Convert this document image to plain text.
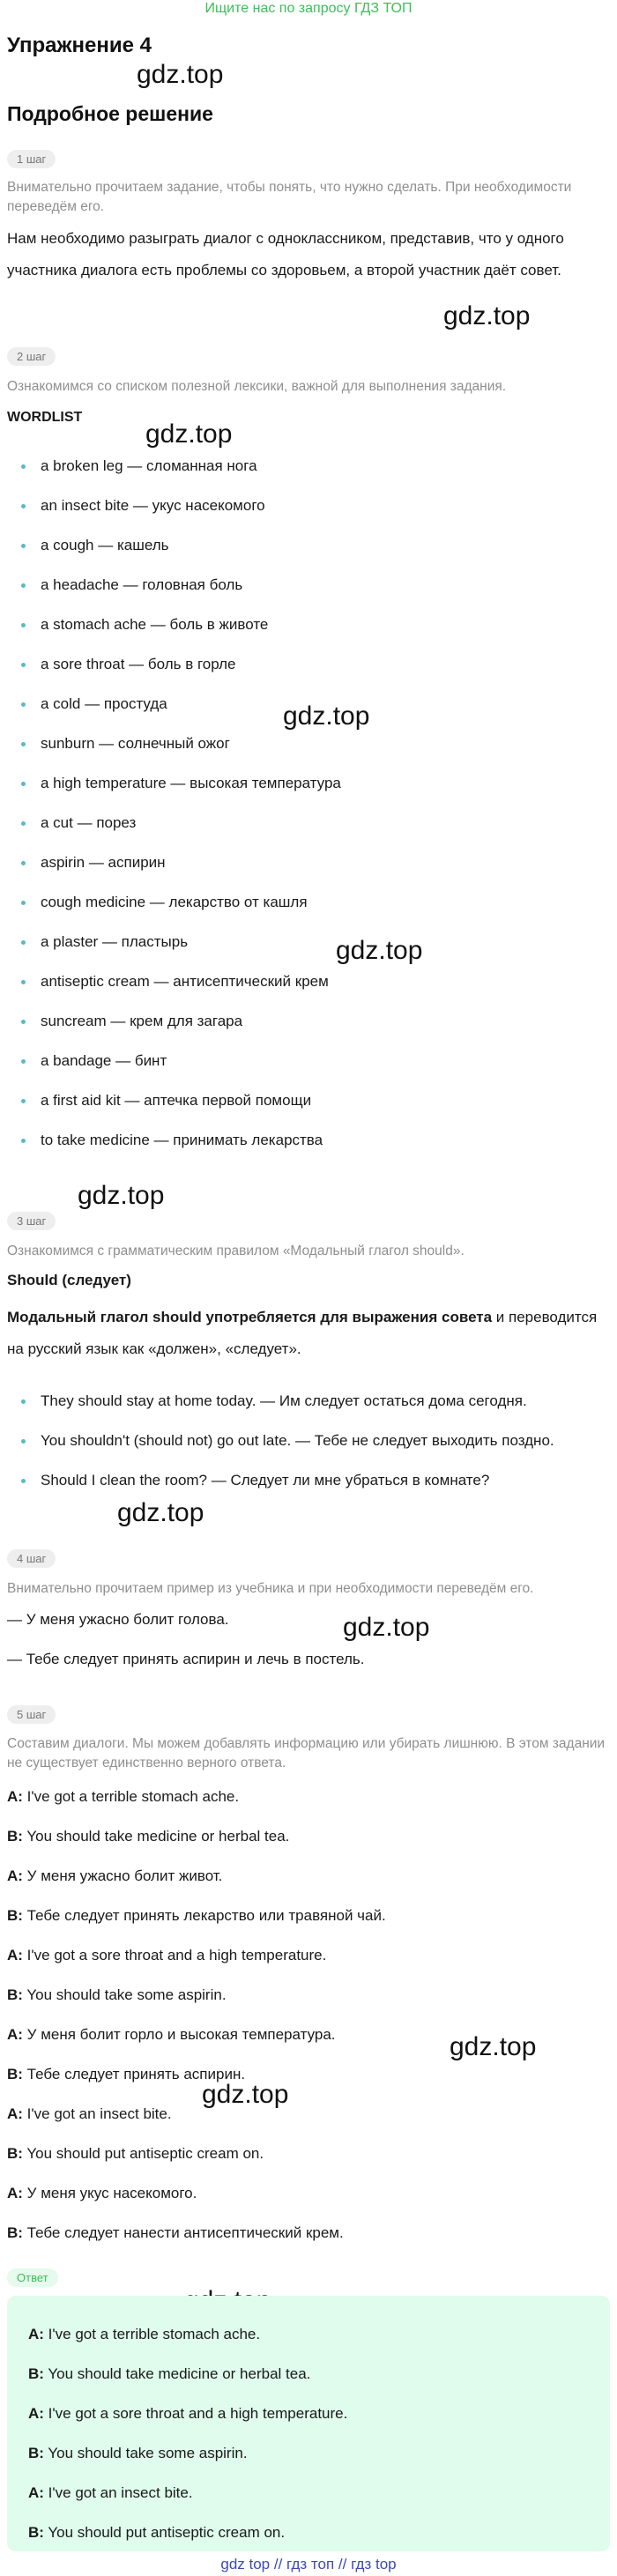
Ищите нас по запросу ГДЗ ТОП
Упражнение 4
Подробное решение
gdz.top
gdz.top
gdz.top
gdz.top
gdz.top
gdz.top
gdz.top
gdz.top
gdz.top
gdz.top
1 шаг
Внимательно прочитаем задание, чтобы понять, что нужно сделать. При необходимости переведём его.
Нам необходимо разыграть диалог с одноклассником, представив, что у одного участника диалога есть проблемы со здоровьем, а второй участник даёт совет.
2 шаг
Ознакомимся со списком полезной лексики, важной для выполнения задания.
WORDLIST
a broken leg — сломанная нога
an insect bite — укус насекомого
a cough — кашель
a headache — головная боль
a stomach ache — боль в животе
a sore throat — боль в горле
a cold — простуда
sunburn — солнечный ожог
a high temperature — высокая температура
a cut — порез
aspirin — аспирин
cough medicine — лекарство от кашля
a plaster — пластырь
antiseptic cream — антисептический крем
suncream — крем для загара
a bandage — бинт
a first aid kit — аптечка первой помощи
to take medicine — принимать лекарства
3 шаг
Ознакомимся с грамматическим правилом «Модальный глагол should».
Should (следует)
Модальный глагол should употребляется для выражения совета и переводится на русский язык как «должен», «следует».
They should stay at home today. — Им следует остаться дома сегодня.
You shouldn't (should not) go out late. — Тебе не следует выходить поздно.
Should I clean the room? — Следует ли мне убраться в комнате?
4 шаг
Внимательно прочитаем пример из учебника и при необходимости переведём его.
— У меня ужасно болит голова.
— Тебе следует принять аспирин и лечь в постель.
5 шаг
Составим диалоги. Мы можем добавлять информацию или убирать лишнюю. В этом задании не существует единственно верного ответа.
A: I've got a terrible stomach ache.
B: You should take medicine or herbal tea.
A: У меня ужасно болит живот.
B: Тебе следует принять лекарство или травяной чай.
A: I've got a sore throat and a high temperature.
B: You should take some aspirin.
A: У меня болит горло и высокая температура.
B: Тебе следует принять аспирин.
A: I've got an insect bite.
B: You should put antiseptic cream on.
A: У меня укус насекомого.
B: Тебе следует нанести антисептический крем.
Ответ
A: I've got a terrible stomach ache.
B: You should take medicine or herbal tea.
A: I've got a sore throat and a high temperature.
B: You should take some aspirin.
A: I've got an insect bite.
B: You should put antiseptic cream on.
gdz top // гдз топ // гдз top
